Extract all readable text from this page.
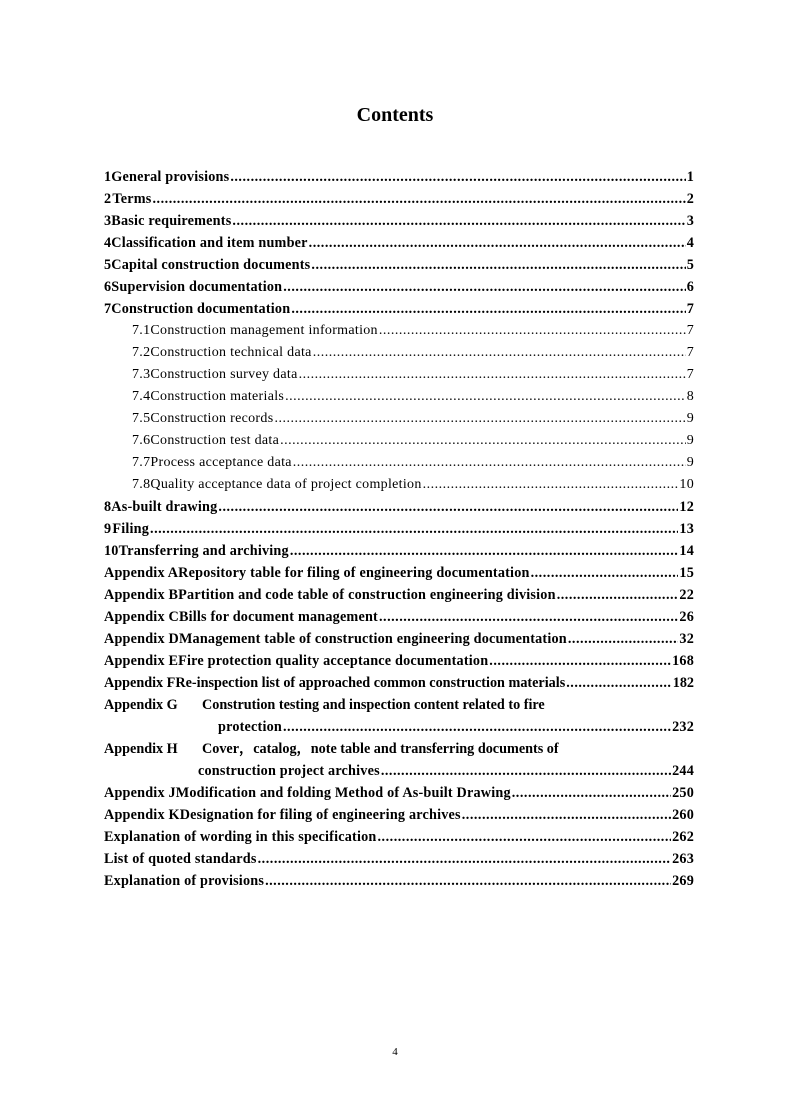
Contents
1 General provisions .....	1
2 Terms .....	2
3 Basic requirements .....	3
4 Classification and item number .....	4
5 Capital construction documents .....	5
6 Supervision documentation .....	6
7 Construction documentation .....	7
7.1 Construction management information .....	7
7.2 Construction technical data .....	7
7.3 Construction survey data .....	7
7.4 Construction materials .....	8
7.5 Construction records .....	9
7.6 Construction test data .....	9
7.7 Process acceptance data .....	9
7.8 Quality acceptance data of project completion .....	10
8 As-built drawing .....	12
9 Filing .....	13
10 Transferring and archiving .....	14
Appendix A Repository table for filing of engineering documentation .....	15
Appendix B Partition and code table of construction engineering division .....	22
Appendix C Bills for document management .....	26
Appendix D Management table of construction engineering documentation .....	32
Appendix E Fire protection quality acceptance documentation .....	168
Appendix F Re-inspection list of approached common construction materials .....	182
Appendix G	Constrution testing and inspection content related to fire
protection .....	232
Appendix H	Cover，catalog，note table and transferring documents of
construction project archives .....	244
Appendix J Modification and folding Method of As-built Drawing .....	250
Appendix K Designation for filing of engineering archives .....	260
Explanation of wording in this specification .....	262
List of quoted standards .....	263
Explanation of provisions .....	269
4
